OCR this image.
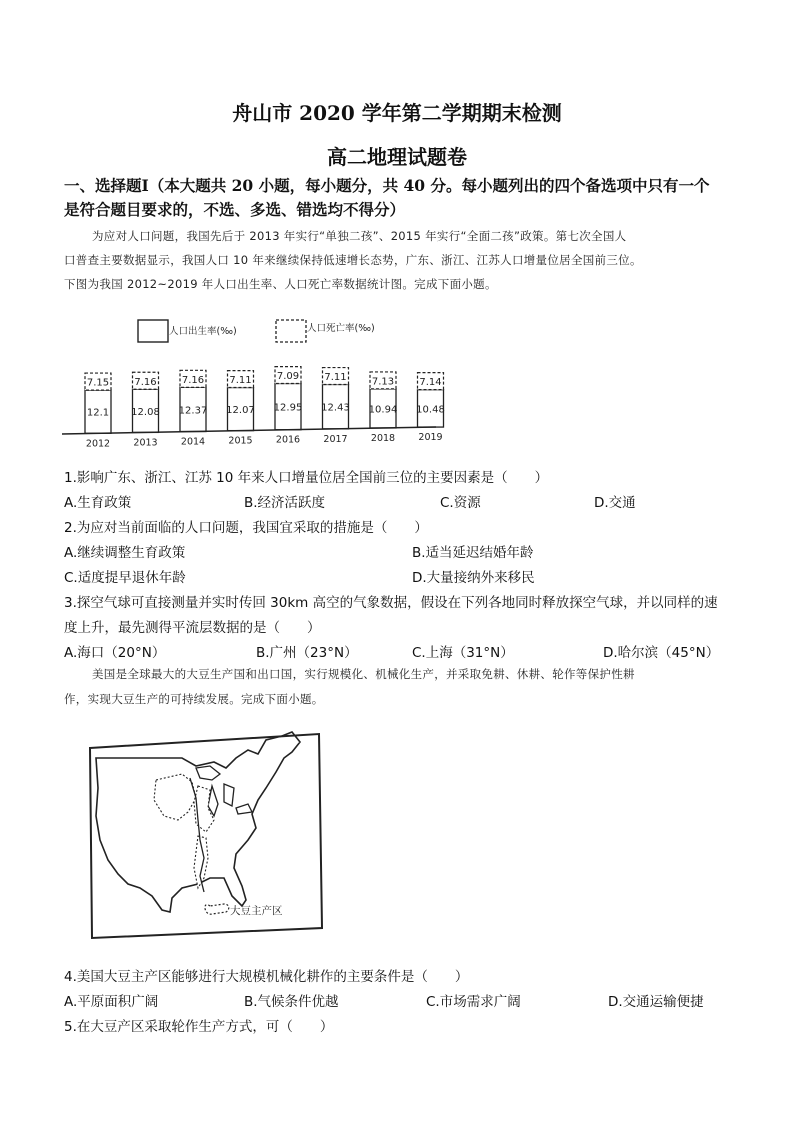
舟山市 2020 学年第二学期期末检测
高二地理试题卷
一、选择题Ⅰ（本大题共 20 小题，每小题分，共 40 分。每小题列出的四个备选项中只有一个
是符合题目要求的，不选、多选、错选均不得分）
为应对人口问题，我国先后于 2013 年实行“单独二孩”、2015 年实行“全面二孩”政策。第七次全国人
口普查主要数据显示，我国人口 10 年来继续保持低速增长态势，广东、浙江、江苏人口增量位居全国前三位。
下图为我国 2012~2019 年人口出生率、人口死亡率数据统计图。完成下面小题。
人口出生率(‰)	人口死亡率(‰)
12.1
7.15
2012
12.08
7.16
2013
12.37
7.16
2014
12.07
7.11
2015
12.95
7.09
2016
12.43
7.11
2017
10.94
7.13
2018
10.48
7.14
2019
1.影响广东、浙江、江苏 10 年来人口增量位居全国前三位的主要因素是（　　）
A.生育政策	B.经济活跃度	C.资源	D.交通
2.为应对当前面临的人口问题，我国宜采取的措施是（　　）
A.继续调整生育政策	B.适当延迟结婚年龄
C.适度提早退休年龄	D.大量接纳外来移民
3.探空气球可直接测量并实时传回 30km 高空的气象数据，假设在下列各地同时释放探空气球，并以同样的速
度上升，最先测得平流层数据的是（　　）
A.海口（20°N）	B.广州（23°N）	C.上海（31°N）	D.哈尔滨（45°N）
美国是全球最大的大豆生产国和出口国，实行规模化、机械化生产，并采取免耕、休耕、轮作等保护性耕
作，实现大豆生产的可持续发展。完成下面小题。
大豆主产区
4.美国大豆主产区能够进行大规模机械化耕作的主要条件是（　　）
A.平原面积广阔	B.气候条件优越	C.市场需求广阔	D.交通运输便捷
5.在大豆产区采取轮作生产方式，可（　　）
